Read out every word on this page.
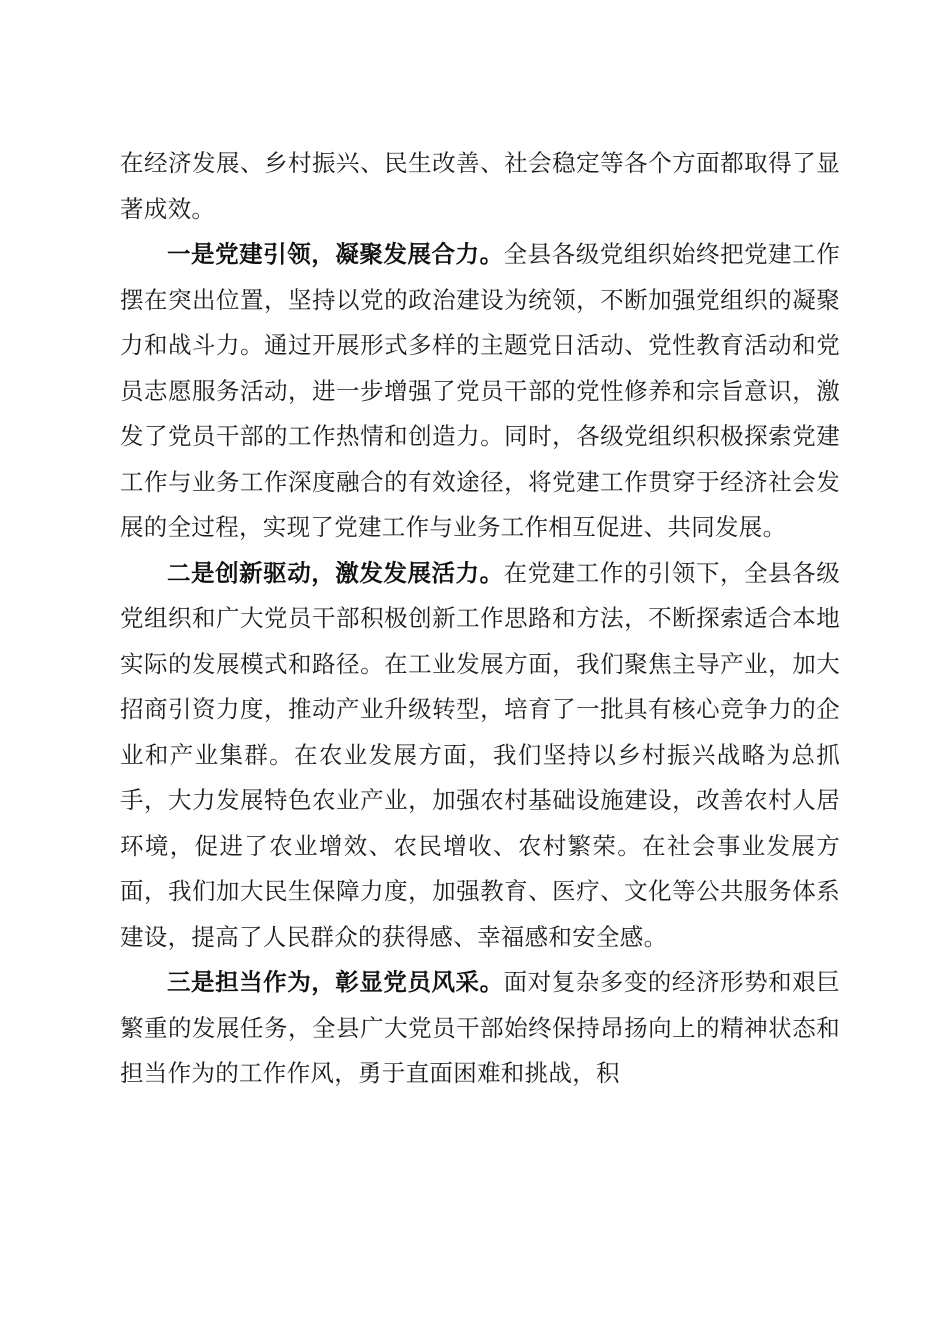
在经济发展、乡村振兴、民生改善、社会稳定等各个方面都取得了显著成效。

一是党建引领，凝聚发展合力。全县各级党组织始终把党建工作摆在突出位置，坚持以党的政治建设为统领，不断加强党组织的凝聚力和战斗力。通过开展形式多样的主题党日活动、党性教育活动和党员志愿服务活动，进一步增强了党员干部的党性修养和宗旨意识，激发了党员干部的工作热情和创造力。同时，各级党组织积极探索党建工作与业务工作深度融合的有效途径，将党建工作贯穿于经济社会发展的全过程，实现了党建工作与业务工作相互促进、共同发展。

二是创新驱动，激发发展活力。在党建工作的引领下，全县各级党组织和广大党员干部积极创新工作思路和方法，不断探索适合本地实际的发展模式和路径。在工业发展方面，我们聚焦主导产业，加大招商引资力度，推动产业升级转型，培育了一批具有核心竞争力的企业和产业集群。在农业发展方面，我们坚持以乡村振兴战略为总抓手，大力发展特色农业产业，加强农村基础设施建设，改善农村人居环境，促进了农业增效、农民增收、农村繁荣。在社会事业发展方面，我们加大民生保障力度，加强教育、医疗、文化等公共服务体系建设，提高了人民群众的获得感、幸福感和安全感。

三是担当作为，彰显党员风采。面对复杂多变的经济形势和艰巨繁重的发展任务，全县广大党员干部始终保持昂扬向上的精神状态和担当作为的工作作风，勇于直面困难和挑战，积
